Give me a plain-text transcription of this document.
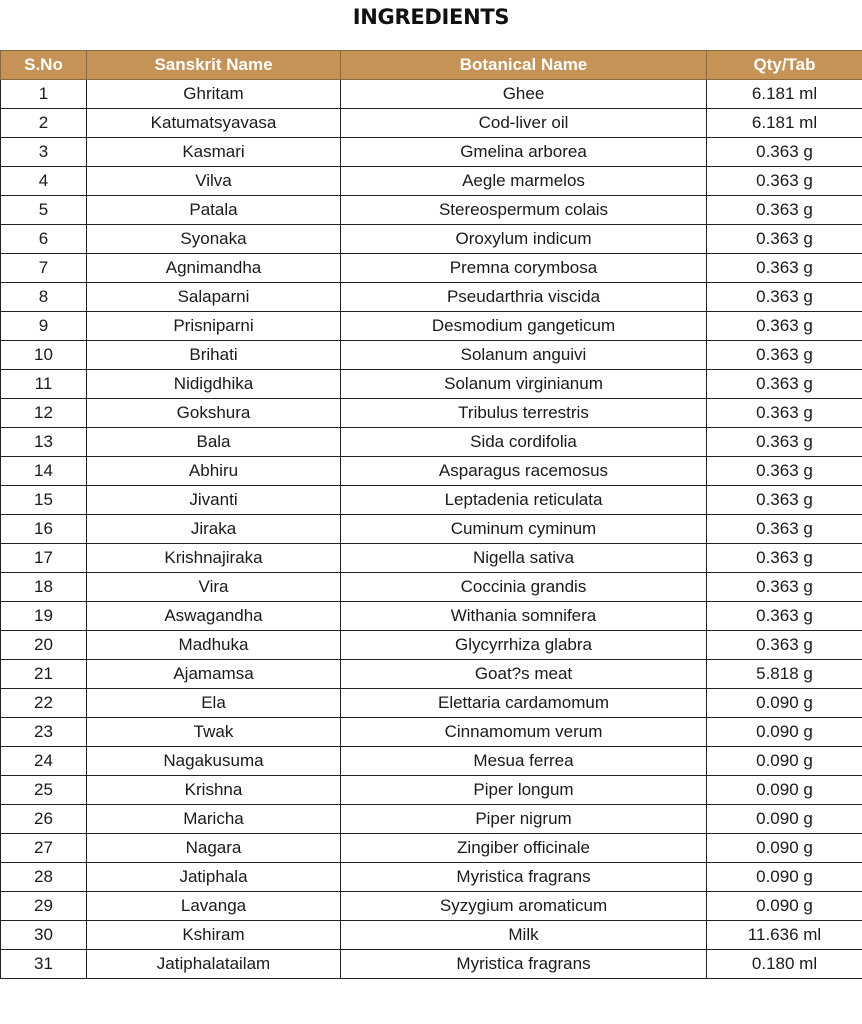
INGREDIENTS
S.No	Sanskrit Name	Botanical Name	Qty/Tab
1	Ghritam	Ghee	6.181 ml
2	Katumatsyavasa	Cod-liver oil	6.181 ml
3	Kasmari	Gmelina arborea	0.363 g
4	Vilva	Aegle marmelos	0.363 g
5	Patala	Stereospermum colais	0.363 g
6	Syonaka	Oroxylum indicum	0.363 g
7	Agnimandha	Premna corymbosa	0.363 g
8	Salaparni	Pseudarthria viscida	0.363 g
9	Prisniparni	Desmodium gangeticum	0.363 g
10	Brihati	Solanum anguivi	0.363 g
11	Nidigdhika	Solanum virginianum	0.363 g
12	Gokshura	Tribulus terrestris	0.363 g
13	Bala	Sida cordifolia	0.363 g
14	Abhiru	Asparagus racemosus	0.363 g
15	Jivanti	Leptadenia reticulata	0.363 g
16	Jiraka	Cuminum cyminum	0.363 g
17	Krishnajiraka	Nigella sativa	0.363 g
18	Vira	Coccinia grandis	0.363 g
19	Aswagandha	Withania somnifera	0.363 g
20	Madhuka	Glycyrrhiza glabra	0.363 g
21	Ajamamsa	Goat?s meat	5.818 g
22	Ela	Elettaria cardamomum	0.090 g
23	Twak	Cinnamomum verum	0.090 g
24	Nagakusuma	Mesua ferrea	0.090 g
25	Krishna	Piper longum	0.090 g
26	Maricha	Piper nigrum	0.090 g
27	Nagara	Zingiber officinale	0.090 g
28	Jatiphala	Myristica fragrans	0.090 g
29	Lavanga	Syzygium aromaticum	0.090 g
30	Kshiram	Milk	11.636 ml
31	Jatiphalatailam	Myristica fragrans	0.180 ml
